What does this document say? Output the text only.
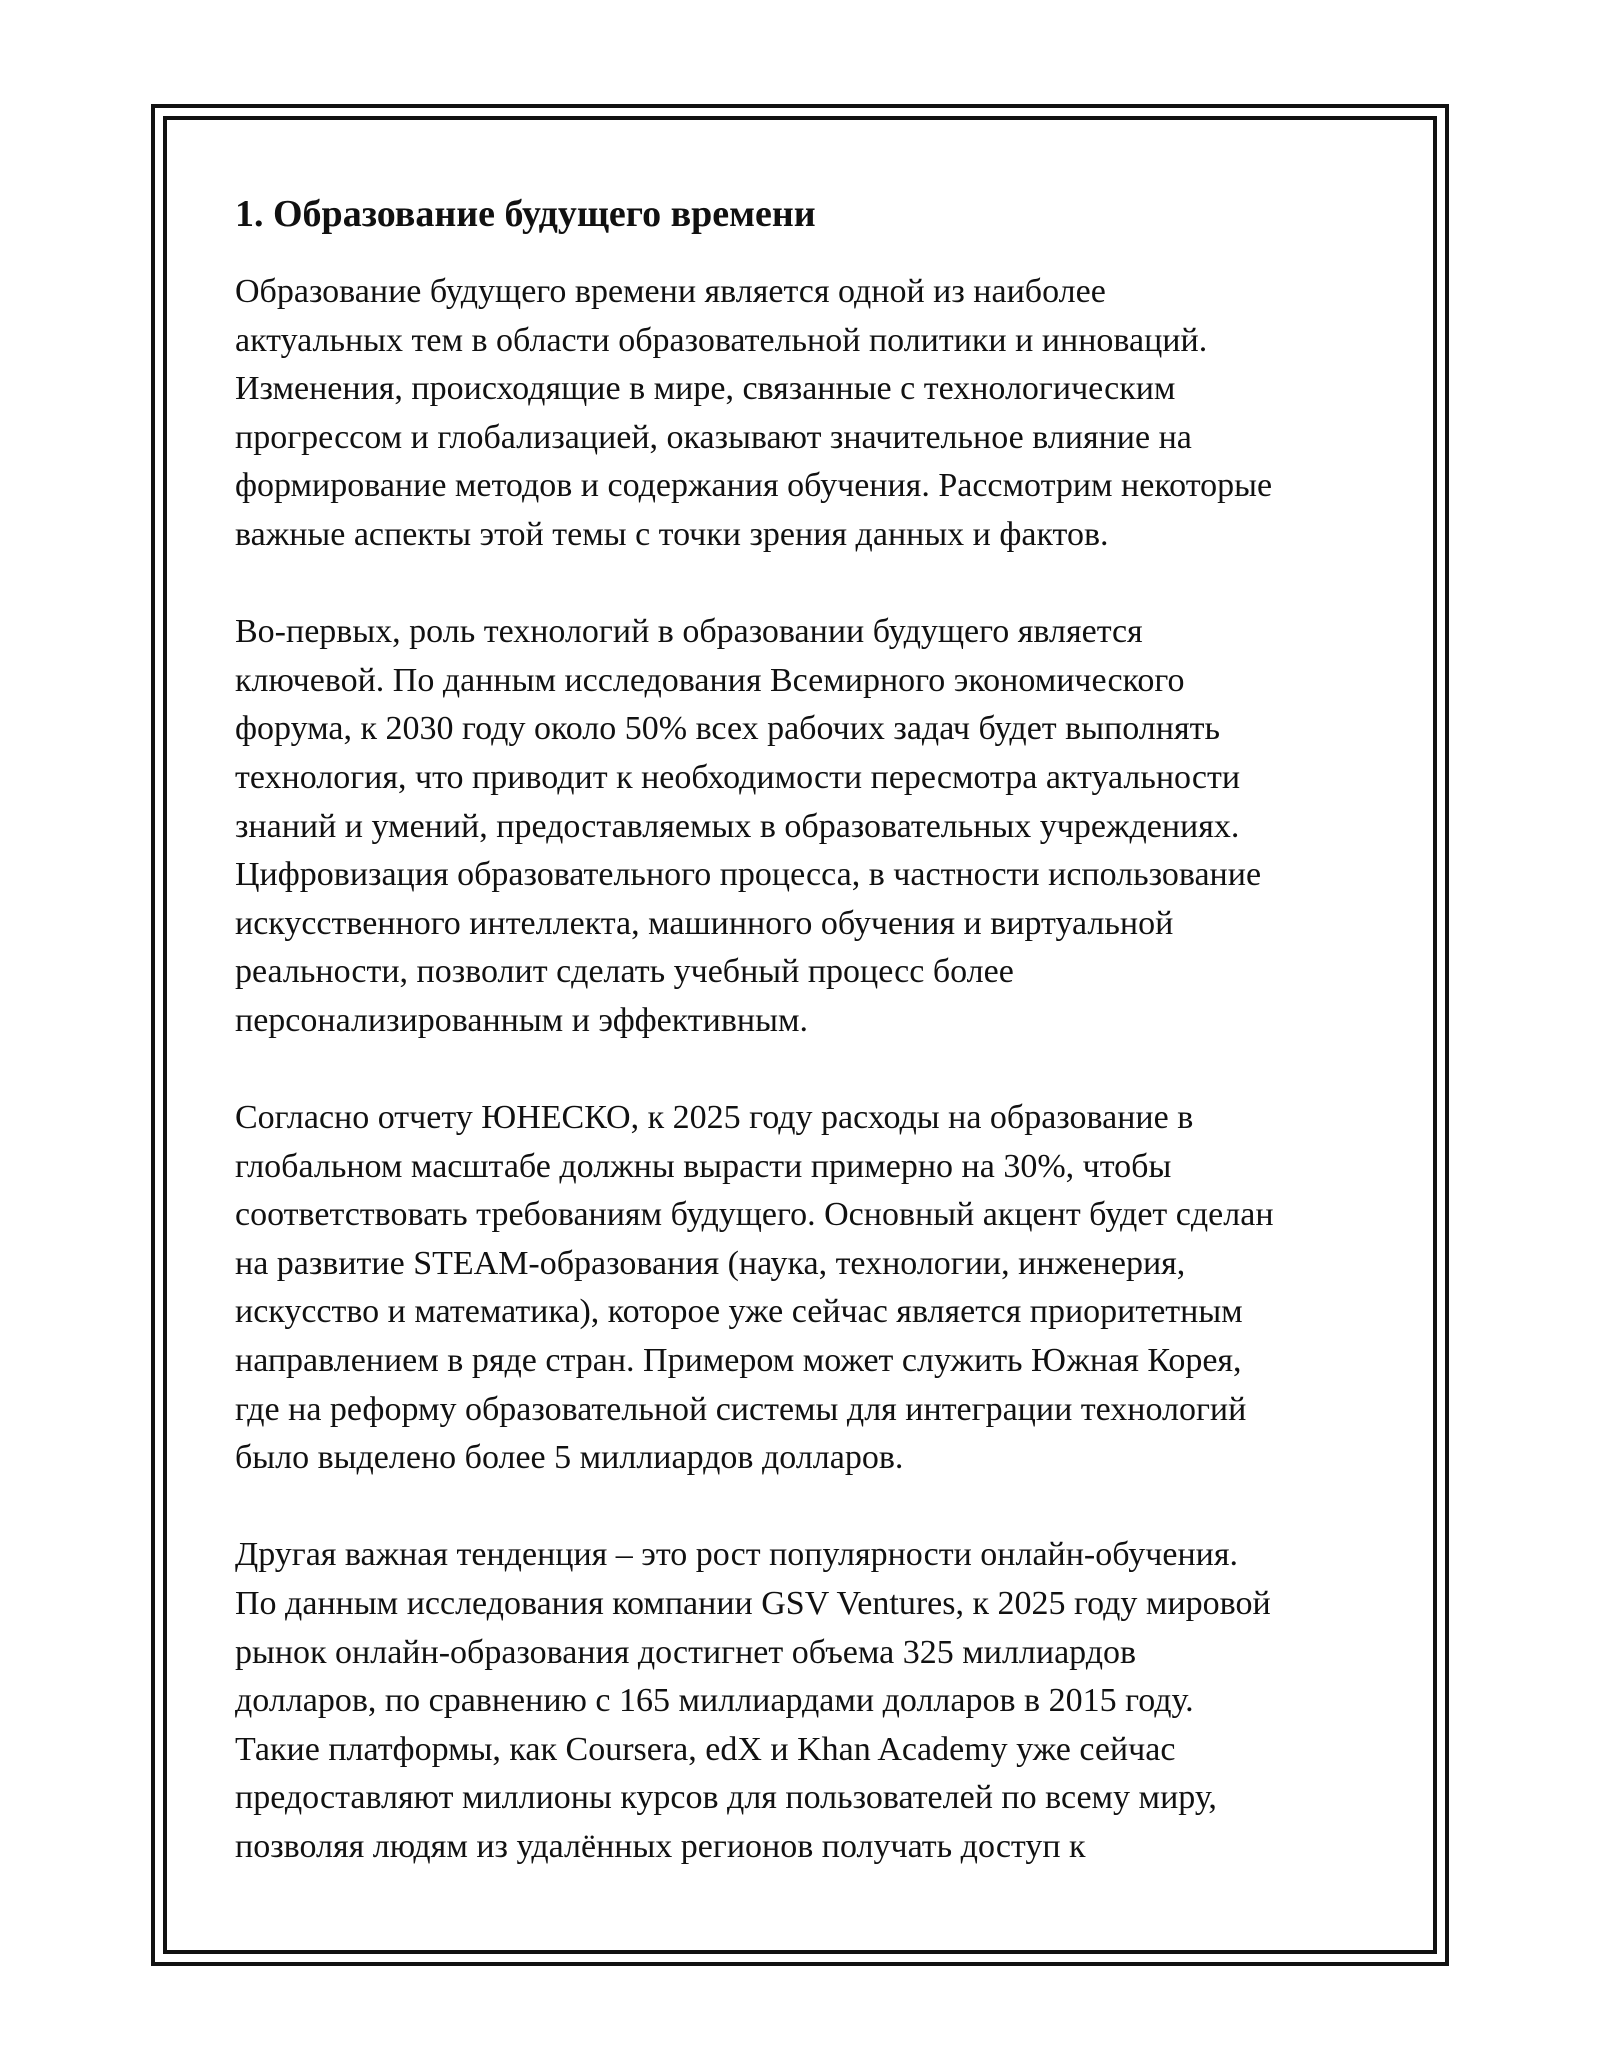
1. Образование будущего времени

Образование будущего времени является одной из наиболее
актуальных тем в области образовательной политики и инноваций.
Изменения, происходящие в мире, связанные с технологическим
прогрессом и глобализацией, оказывают значительное влияние на
формирование методов и содержания обучения. Рассмотрим некоторые
важные аспекты этой темы с точки зрения данных и фактов.

Во-первых, роль технологий в образовании будущего является
ключевой. По данным исследования Всемирного экономического
форума, к 2030 году около 50% всех рабочих задач будет выполнять
технология, что приводит к необходимости пересмотра актуальности
знаний и умений, предоставляемых в образовательных учреждениях.
Цифровизация образовательного процесса, в частности использование
искусственного интеллекта, машинного обучения и виртуальной
реальности, позволит сделать учебный процесс более
персонализированным и эффективным.

Согласно отчету ЮНЕСКО, к 2025 году расходы на образование в
глобальном масштабе должны вырасти примерно на 30%, чтобы
соответствовать требованиям будущего. Основный акцент будет сделан
на развитие STEAM-образования (наука, технологии, инженерия,
искусство и математика), которое уже сейчас является приоритетным
направлением в ряде стран. Примером может служить Южная Корея,
где на реформу образовательной системы для интеграции технологий
было выделено более 5 миллиардов долларов.

Другая важная тенденция – это рост популярности онлайн-обучения.
По данным исследования компании GSV Ventures, к 2025 году мировой
рынок онлайн-образования достигнет объема 325 миллиардов
долларов, по сравнению с 165 миллиардами долларов в 2015 году.
Такие платформы, как Coursera, edX и Khan Academy уже сейчас
предоставляют миллионы курсов для пользователей по всему миру,
позволяя людям из удалённых регионов получать доступ к
